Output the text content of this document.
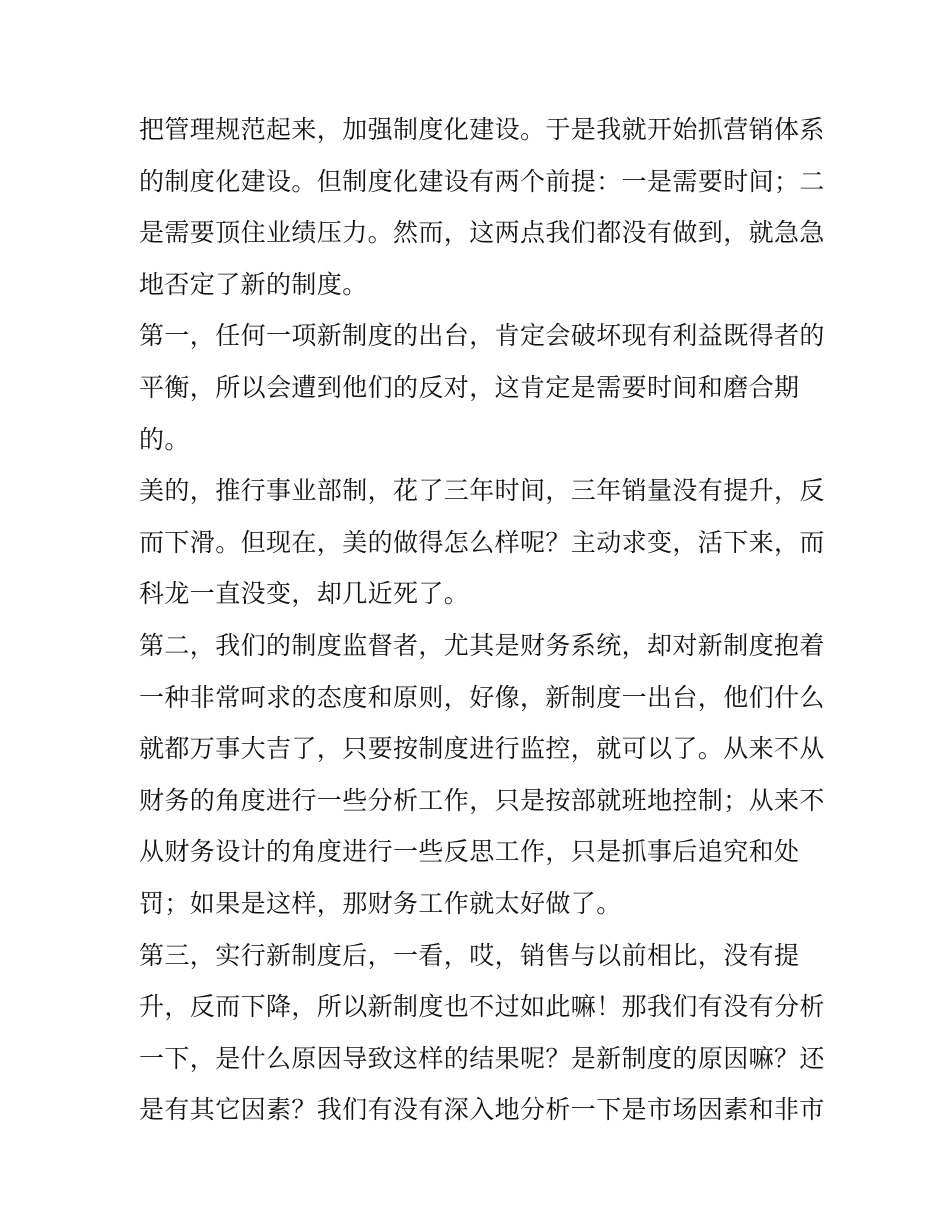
把管理规范起来，加强制度化建设。于是我就开始抓营销体系
的制度化建设。但制度化建设有两个前提：一是需要时间；二
是需要顶住业绩压力。然而，这两点我们都没有做到，就急急
地否定了新的制度。
第一，任何一项新制度的出台，肯定会破坏现有利益既得者的
平衡，所以会遭到他们的反对，这肯定是需要时间和磨合期
的。
美的，推行事业部制，花了三年时间，三年销量没有提升，反
而下滑。但现在，美的做得怎么样呢？主动求变，活下来，而
科龙一直没变，却几近死了。
第二，我们的制度监督者，尤其是财务系统，却对新制度抱着
一种非常呵求的态度和原则，好像，新制度一出台，他们什么
就都万事大吉了，只要按制度进行监控，就可以了。从来不从
财务的角度进行一些分析工作，只是按部就班地控制；从来不
从财务设计的角度进行一些反思工作，只是抓事后追究和处
罚；如果是这样，那财务工作就太好做了。
第三，实行新制度后，一看，哎，销售与以前相比，没有提
升，反而下降，所以新制度也不过如此嘛！那我们有没有分析
一下，是什么原因导致这样的结果呢？是新制度的原因嘛？还
是有其它因素？我们有没有深入地分析一下是市场因素和非市
